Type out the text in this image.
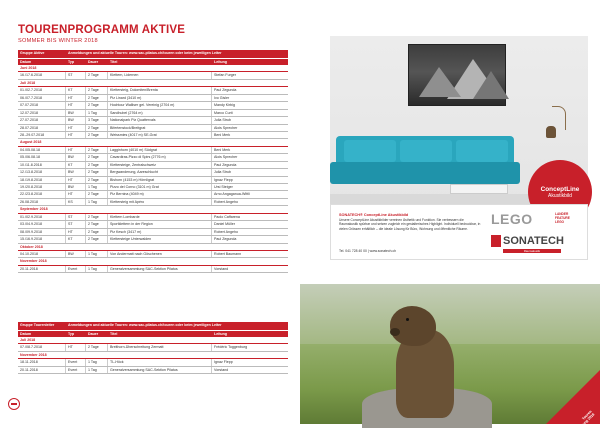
TOURENPROGRAMM AKTIVE
SOMMER BIS WINTER 2018
Gruppe Aktive	Anmeldungen und aktuelle Touren: www.sac-pilatus.ch/touren oder beim jeweiligen Leiter
Datum	Typ	Dauer	Titel	Leitung
Juni 2018
16./17.6.2018	ST	2 Tage	Klettern, Lidernen	Stefan Furger
Juli 2018
01./02.7.2018	KT	2 Tage	Klettersteig, Dolomiten/Brenta	Paul Zegunda
06./07.7.2018	HT	2 Tage	Piz Linard (3410 m)	Ivo Gisler
07.07.2018	HT	2 Tage	Hochtour Walliser gel. Vereinig (2704 m)	Mandy Kirbig
12.07.2018	BW	1 Tag	Sandhubel (2764 m)	Marco Curti
27.07.2018	BW	3 Tage	Nationalpark Piz Quattervals	Julia Strub
28.07.2018	HT	2 Tage	Bifertenstock/Breitgrat	Alois Sprecher
28.-29.07.2018	HT	2 Tage	Weissmies (4017 m) SE-Grat	Beni Merk
August 2018
04./05.08.18	HT	2 Tage	Lagginhorn (4010 m) Südgrat	Beni Merk
05./06.08.18	BW	2 Tage	Cavardiras-Pizzo di Spirs (2776 m)	Alois Sprecher
10./11.8.2018	KT	2 Tage	Klettersteige, Zentralschweiz	Paul Zegunda
12./13.8.2018	BW	2 Tage	Bergwanderung, Aareschlucht	Julia Strub
18./19.8.2018	HT	2 Tage	Bishorn (4153 m) Hörnligrat	Ignaz Flepp
19./20.8.2018	BW	1 Tag	Pizzo del Corno (3101 m) Grat	Ursi Steiger
22./23.8.2018	HT	2 Tage	Piz Bernina (4049 m)	Arno Angaganua-Wittli
26.08.2018	KS	1 Tag	Klettersteig mit Apéro	Robert Angeho
September 2018
01./02.9.2018	ST	2 Tage	Klettern Lombarde	Paolo Caffarena
03./04.9.2018	ST	2 Tage	Sportklettern in der Region	Daniel Müller
08./09.9.2018	HT	2 Tage	Piz Kesch (3417 m)	Robert Angeho
15./16.9.2018	KT	2 Tage	Klettersteige Unterwalden	Paul Zegunda
Oktober 2018
04.10.2018	BW	1 Tag	Von Andermatt nach Göschenen	Robert Baumann
November 2018
20.11.2018	Event	1 Tag	Generalversammlung SAC-Sektion Pilatus	Vorstand
Gruppe Tourenleiter	Anmeldungen und aktuelle Touren: www.sac-pilatus.ch/touren oder beim jeweiligen Leiter
Datum	Typ	Dauer	Titel	Leitung
Juli 2018
07./08.7.2018	HT	2 Tage	Breithorn-Überschreitung Zermatt	Frédéric Toggenburg
November 2018
18.11.2018	Event	1 Tag	TL-Höck	Ignaz Flepp
20.11.2018	Event	1 Tag	Generalversammlung SAC-Sektion Pilatus	Vorstand
ConceptLine
Akustikbild
SONATECH® ConceptLine Akustikbild
Unsere ConceptLine Akustikbilder vereinen Ästhetik und Funktion. Sie verbessern die Raumakustik spürbar und setzen zugleich ein gestalterisches Highlight. Individuell bedruckbar, in vielen Grössen erhältlich – die ideale Lösung für Büro, Wohnung und öffentliche Räume.
Tel. 041 728 40 00 | www.sonatech.ch
LEGO	LANDER
FEATURE
LEGO
SONATECH
Raumakustik
Touren Ausschreibung 2018
